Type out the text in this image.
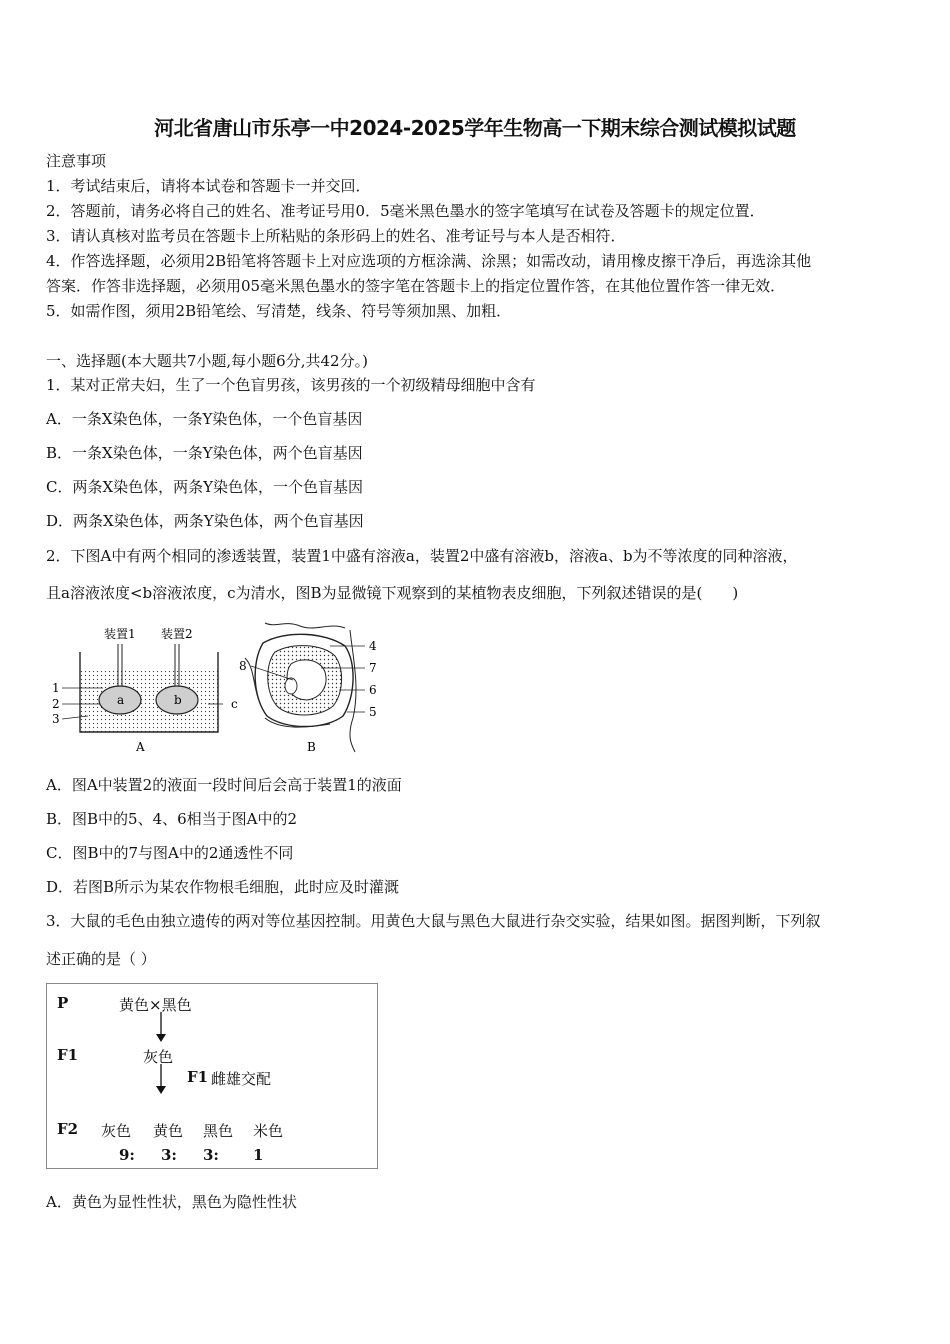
河北省唐山市乐亭一中2024-2025学年生物高一下期末综合测试模拟试题
注意事项
1．考试结束后，请将本试卷和答题卡一并交回．
2．答题前，请务必将自己的姓名、准考证号用0．5毫米黑色墨水的签字笔填写在试卷及答题卡的规定位置．
3．请认真核对监考员在答题卡上所粘贴的条形码上的姓名、准考证号与本人是否相符．
4．作答选择题，必须用2B铅笔将答题卡上对应选项的方框涂满、涂黑；如需改动，请用橡皮擦干净后，再选涂其他
答案．作答非选择题，必须用05毫米黑色墨水的签字笔在答题卡上的指定位置作答，在其他位置作答一律无效．
5．如需作图，须用2B铅笔绘、写清楚，线条、符号等须加黑、加粗．
一、选择题(本大题共7小题,每小题6分,共42分。)
1．某对正常夫妇，生了一个色盲男孩，该男孩的一个初级精母细胞中含有
A．一条X染色体，一条Y染色体，一个色盲基因
B．一条X染色体，一条Y染色体，两个色盲基因
C．两条X染色体，两条Y染色体，一个色盲基因
D．两条X染色体，两条Y染色体，两个色盲基因
2．下图A中有两个相同的渗透装置，装置1中盛有溶液a，装置2中盛有溶液b，溶液a、b为不等浓度的同种溶液，
且a溶液浓度<b溶液浓度，c为清水，图B为显微镜下观察到的某植物表皮细胞，下列叙述错误的是(　　)
装置1 装置2
a	b
1
2
3
c
A
4
7
6
5
8
B
A．图A中装置2的液面一段时间后会高于装置1的液面
B．图B中的5、4、6相当于图A中的2
C．图B中的7与图A中的2通透性不同
D．若图B所示为某农作物根毛细胞，此时应及时灌溉
3．大鼠的毛色由独立遗传的两对等位基因控制。用黄色大鼠与黑色大鼠进行杂交实验，结果如图。据图判断，下列叙
述正确的是（ ）
P	黄色×黑色
F1	灰色
F1 雌雄交配
F2 灰色 黄色 黑色 米色
9: 3: 3: 1
A．黄色为显性性状，黑色为隐性性状
